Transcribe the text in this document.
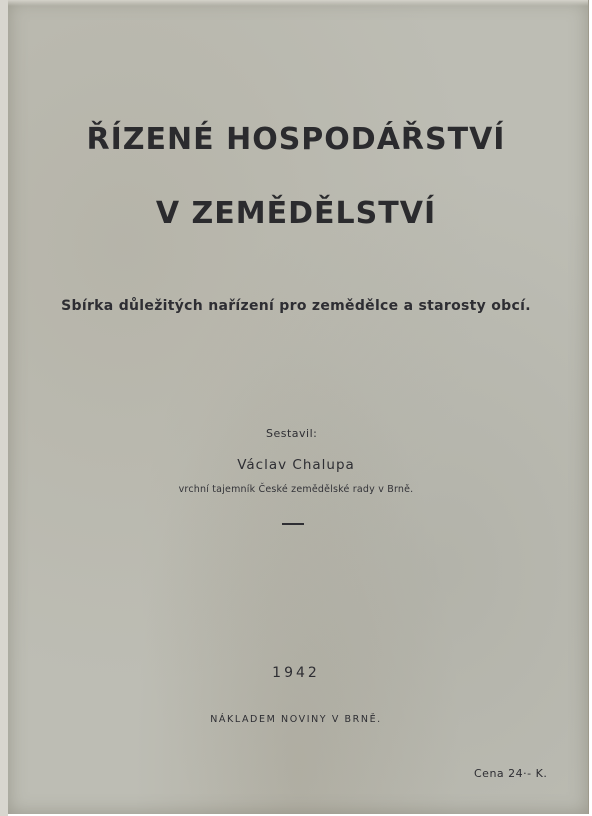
ŘÍZENÉ HOSPODÁŘSTVÍ
V ZEMĚDĚLSTVÍ
Sbírka důležitých nařízení pro zemědělce a starosty obcí.
Sestavil:
Václav Chalupa
vrchní tajemník České zemědělské rady v Brně.
1942
NÁKLADEM NOVINY V BRNĚ.
Cena 24·- K.
